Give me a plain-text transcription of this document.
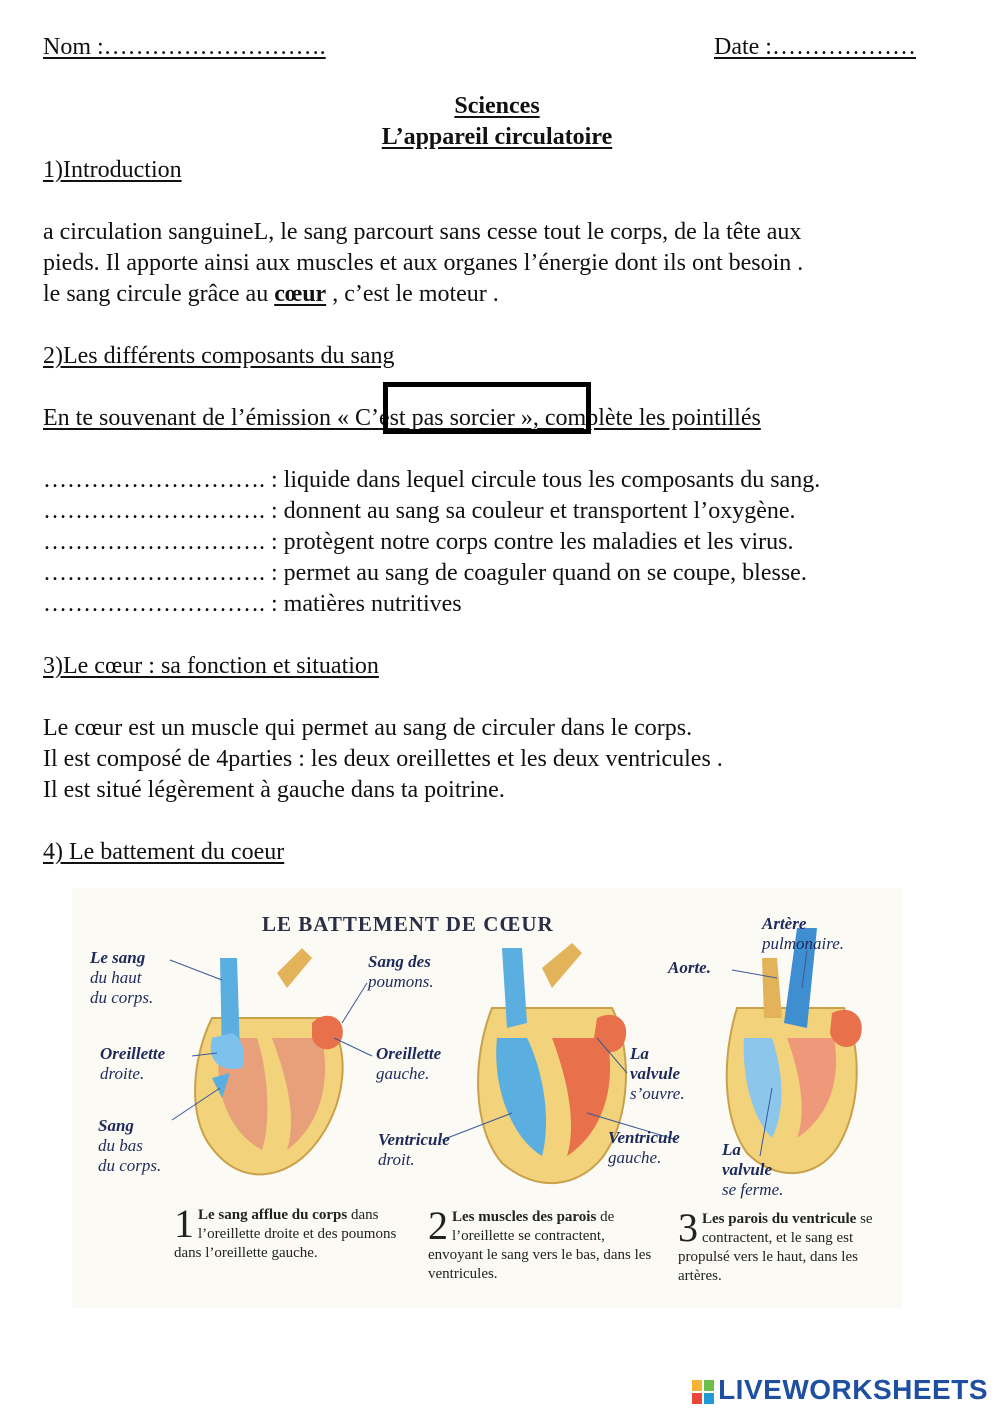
Nom :……………………….	Date :………………
Sciences
L’appareil circulatoire
1)Introduction
a circulation sanguineL, le sang parcourt sans cesse tout le corps, de la tête aux
pieds. Il apporte ainsi aux muscles et aux organes l’énergie dont ils ont besoin .
le sang circule grâce au cœur , c’est le moteur .
2)Les différents composants du sang
En te souvenant de l’émission « C’est pas sorcier », complète les pointillés
………………………. : liquide dans lequel circule tous les composants du sang.
………………………. : donnent au sang sa couleur et transportent l’oxygène.
………………………. : protègent notre corps contre les maladies et les virus.
………………………. : permet au sang de coaguler quand on se coupe, blesse.
………………………. : matières nutritives
3)Le cœur : sa fonction et situation
Le cœur est un muscle qui permet au sang de circuler dans le corps.
Il est composé de 4parties : les deux oreillettes et les deux ventricules .
Il est situé légèrement à gauche dans ta poitrine.
4) Le battement du coeur
LE BATTEMENT DE CŒUR
Le sang
du haut
du corps.
Oreillette
droite.
Sang
du bas
du corps.
Sang des
poumons.
Oreillette
gauche.
Ventricule
droit.
Ventricule
gauche.
La
valvule
s’ouvre.
Artère
pulmonaire.
Aorte.
La
valvule
se ferme.
1 Le sang afflue du corps dans l’oreillette droite et des poumons dans l’oreillette gauche.
2 Les muscles des parois de l’oreillette se contractent, envoyant le sang vers le bas, dans les ventricules.
3 Les parois du ventricule se contractent, et le sang est propulsé vers le haut, dans les artères.
LIVEWORKSHEETS
